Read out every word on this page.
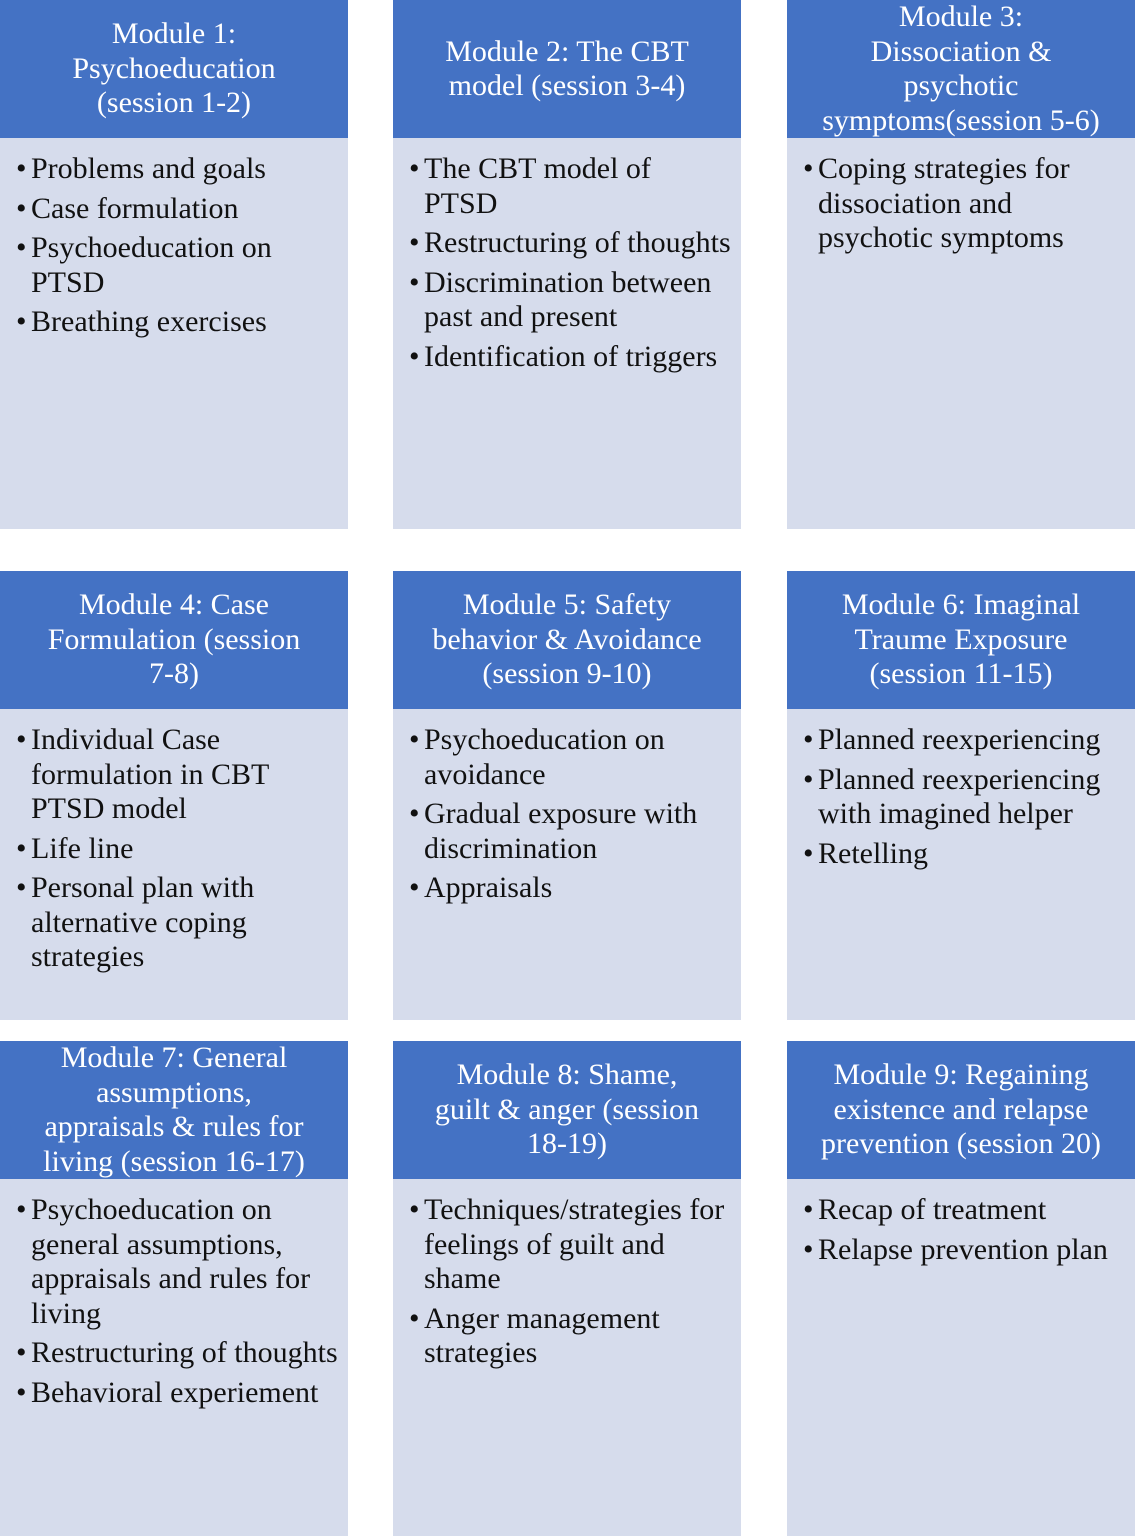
Module 1:
Psychoeducation
(session 1-2)
• Problems and goals
• Case formulation
• Psychoeducation on PTSD
• Breathing exercises
Module 2: The CBT
model (session 3-4)
• The CBT model of PTSD
• Restructuring of thoughts
• Discrimination between past and present
• Identification of triggers
Module 3:
Dissociation &
psychotic
symptoms(session 5-6)
• Coping strategies for dissociation and psychotic symptoms
Module 4: Case
Formulation (session
7-8)
• Individual Case formulation in CBT PTSD model
• Life line
• Personal plan with alternative coping strategies
Module 5: Safety
behavior & Avoidance
(session 9-10)
• Psychoeducation on avoidance
• Gradual exposure with discrimination
• Appraisals
Module 6: Imaginal
Traume Exposure
(session 11-15)
• Planned reexperiencing
• Planned reexperiencing with imagined helper
• Retelling
Module 7: General
assumptions,
appraisals & rules for
living (session 16-17)
• Psychoeducation on general assumptions, appraisals and rules for living
• Restructuring of thoughts
• Behavioral experiement
Module 8: Shame,
guilt & anger (session
18-19)
• Techniques/strategies for feelings of guilt and shame
• Anger management strategies
Module 9: Regaining
existence and relapse
prevention (session 20)
• Recap of treatment
• Relapse prevention plan
